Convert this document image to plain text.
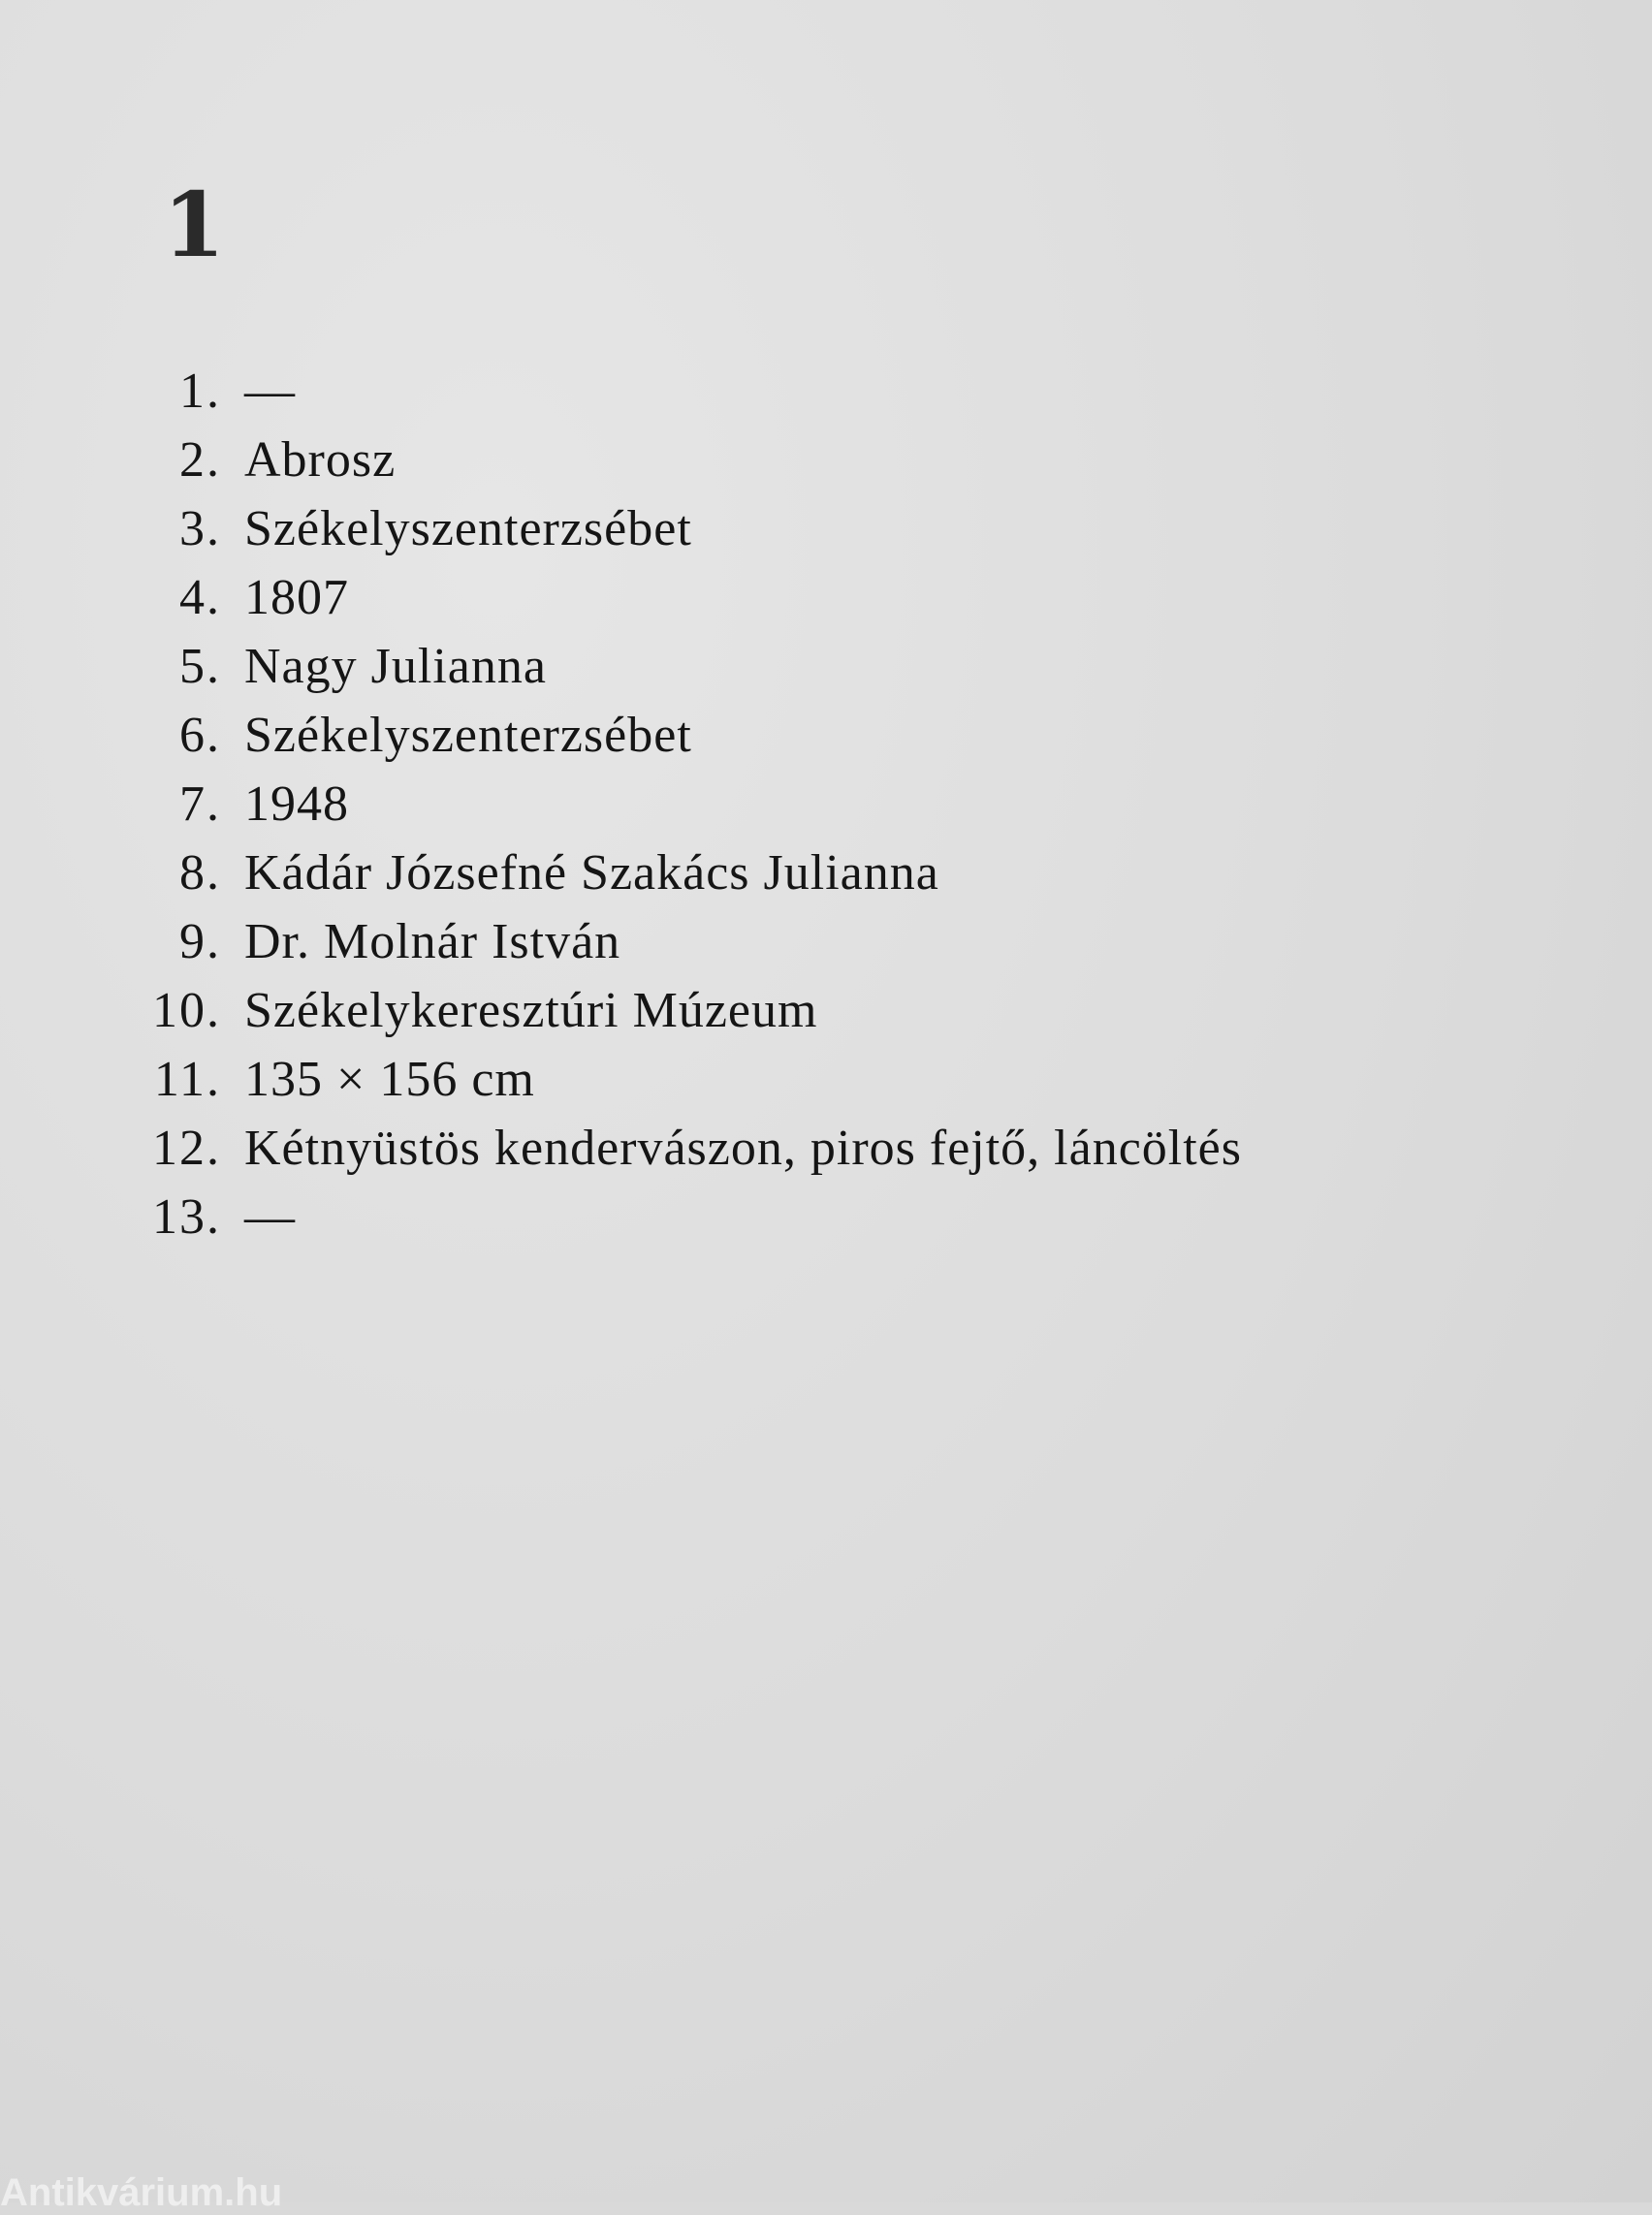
1
1. —
2. Abrosz
3. Székelyszenterzsébet
4. 1807
5. Nagy Julianna
6. Székelyszenterzsébet
7. 1948
8. Kádár Józsefné Szakács Julianna
9. Dr. Molnár István
10. Székelykeresztúri Múzeum
11. 135 × 156 cm
12. Kétnyüstös kendervászon, piros fejtő, láncöltés
13. —
Antikvárium.hu
